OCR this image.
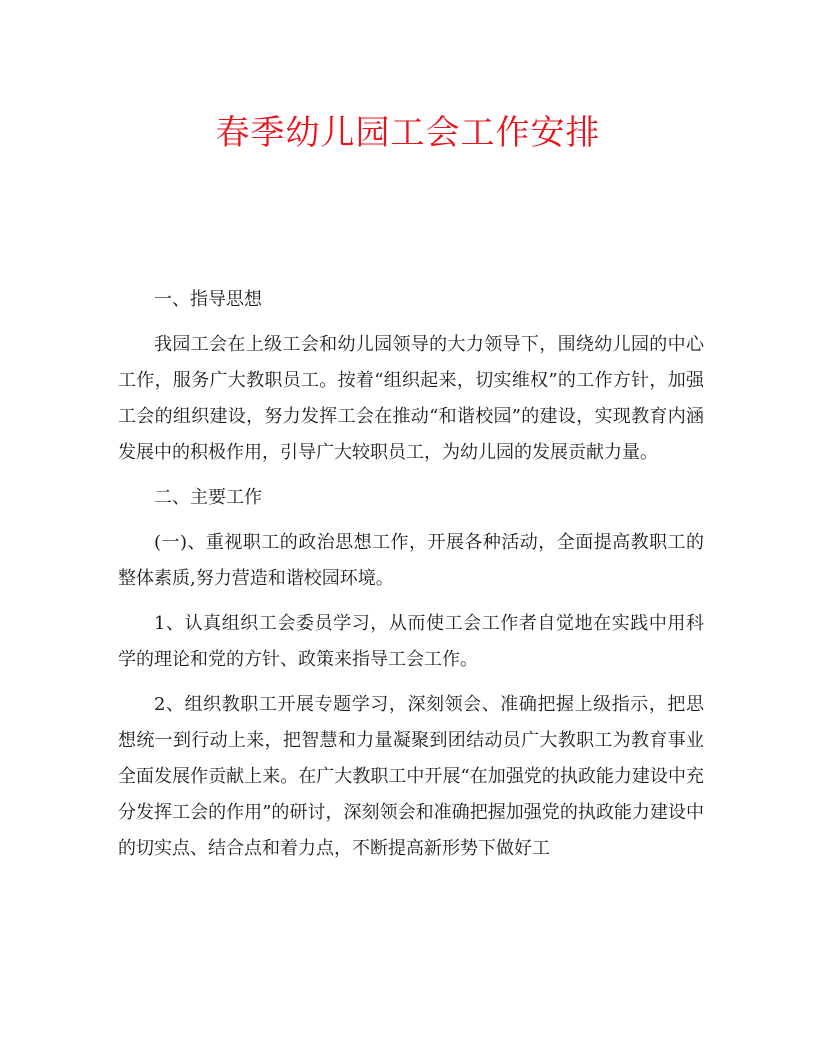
春季幼儿园工会工作安排

一、指导思想

我园工会在上级工会和幼儿园领导的大力领导下，围绕幼儿园的中心工作，服务广大教职员工。按着“组织起来，切实维权”的工作方针，加强工会的组织建设，努力发挥工会在推动“和谐校园”的建设，实现教育内涵发展中的积极作用，引导广大较职员工，为幼儿园的发展贡献力量。

二、主要工作

(一)、重视职工的政治思想工作，开展各种活动，全面提高教职工的整体素质,努力营造和谐校园环境。

1、认真组织工会委员学习，从而使工会工作者自觉地在实践中用科学的理论和党的方针、政策来指导工会工作。

2、组织教职工开展专题学习，深刻领会、准确把握上级指示，把思想统一到行动上来，把智慧和力量凝聚到团结动员广大教职工为教育事业全面发展作贡献上来。在广大教职工中开展“在加强党的执政能力建设中充分发挥工会的作用”的研讨，深刻领会和准确把握加强党的执政能力建设中的切实点、结合点和着力点，不断提高新形势下做好工
